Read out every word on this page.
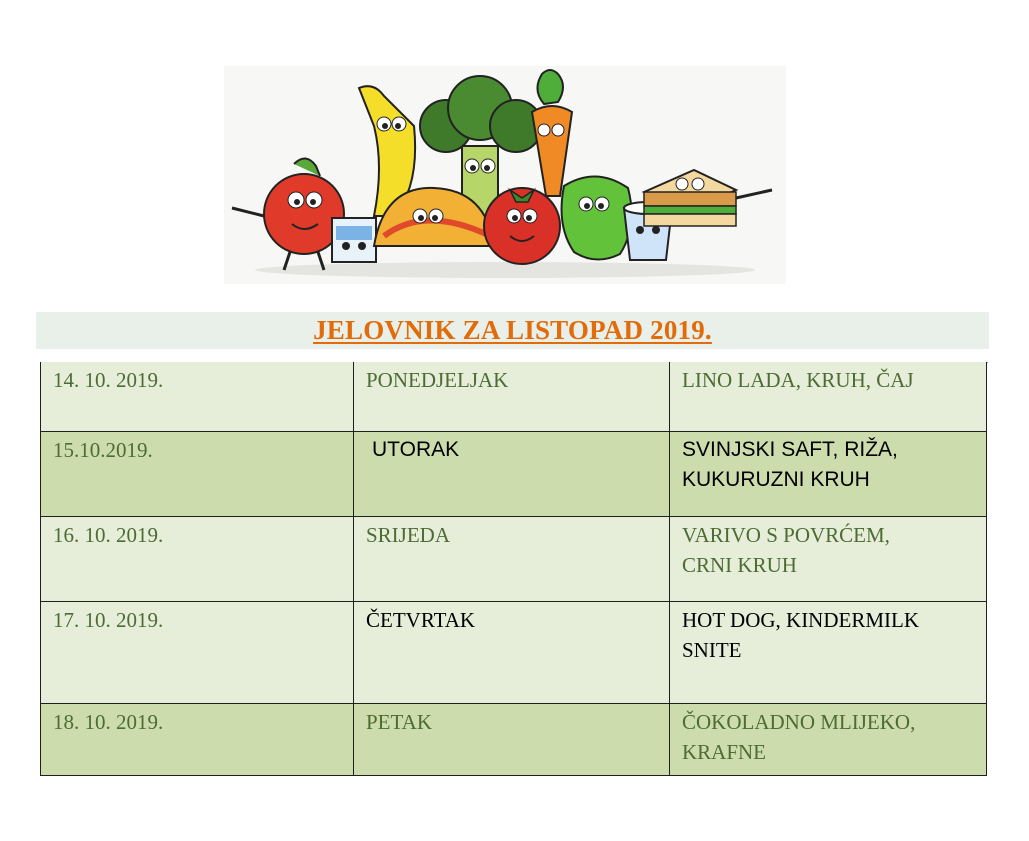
JELOVNIK ZA LISTOPAD 2019.
14. 10. 2019.	PONEDJELJAK	LINO LADA, KRUH, ČAJ
15.10.2019.	UTORAK	SVINJSKI SAFT, RIŽA,
KUKURUZNI KRUH

16. 10. 2019.	SRIJEDA	VARIVO S POVRĆEM,
CRNI KRUH

17. 10. 2019.	ČETVRTAK	HOT DOG, KINDERMILK
SNITE

18. 10. 2019.	PETAK	ČOKOLADNO MLIJEKO,
KRAFNE
